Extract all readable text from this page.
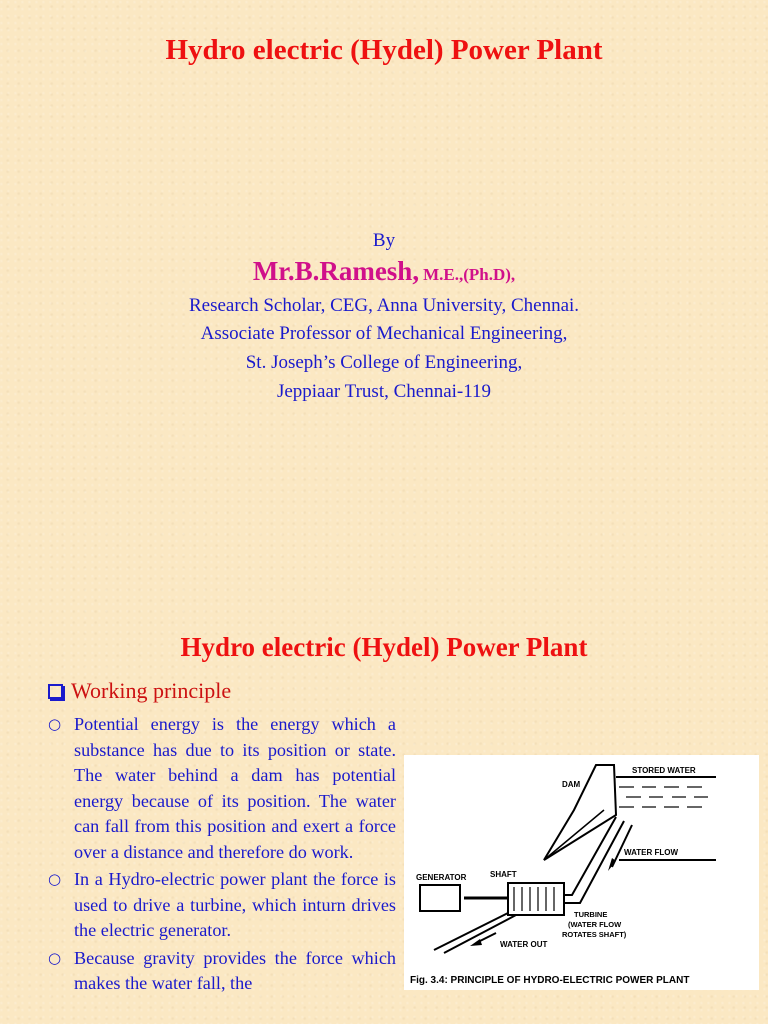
Hydro electric (Hydel) Power Plant
By
Mr.B.Ramesh, M.E.,(Ph.D),
Research Scholar, CEG, Anna University, Chennai.
Associate Professor of Mechanical Engineering,
St. Joseph’s College of Engineering,
Jeppiaar Trust, Chennai-119
Hydro electric (Hydel) Power Plant
Working principle
○ Potential energy is the energy which a substance has due to its position or state. The water behind a dam has potential energy because of its position. The water can fall from this position and exert a force over a distance and therefore do work.
○ In a Hydro-electric power plant the force is used to drive a turbine, which inturn drives the electric generator.
○ Because gravity provides the force which makes the water fall, the
STORED WATER
DAM
WATER FLOW
GENERATOR	SHAFT
TURBINE
(WATER FLOW
ROTATES SHAFT)
WATER OUT
Fig. 3.4: PRINCIPLE OF HYDRO-ELECTRIC POWER PLANT
